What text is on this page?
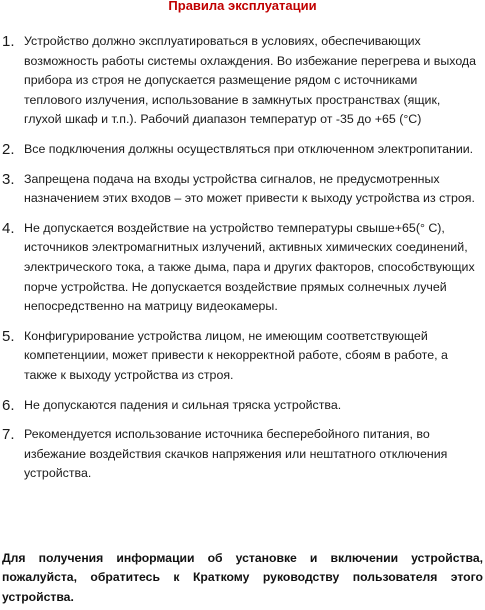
Правила эксплуатации
1. Устройство должно эксплуатироваться в условиях, обеспечивающих возможность работы системы охлаждения. Во избежание перегрева и выхода прибора из строя не допускается размещение рядом с источниками теплового излучения, использование в замкнутых пространствах (ящик, глухой шкаф и т.п.). Рабочий диапазон температур от -35 до +65 (°С)
2. Все подключения должны осуществляться при отключенном электропитании.
3. Запрещена подача на входы устройства сигналов, не предусмотренных назначением этих входов – это может привести к выходу устройства из строя.
4. Не допускается воздействие на устройство температуры свыше+65(° С), источников электромагнитных излучений, активных химических соединений, электрического тока, а также дыма, пара и других факторов, способствующих порче устройства. Не допускается воздействие прямых солнечных лучей непосредственно на матрицу видеокамеры.
5. Конфигурирование устройства лицом, не имеющим соответствующей компетенциии, может привести к некорректной работе, сбоям в работе, а также к выходу устройства из строя.
6. Не допускаются падения и сильная тряска устройства.
7. Рекомендуется использование источника бесперебойного питания, во избежание воздействия скачков напряжения или нештатного отключения устройства.
Для получения информации об установке и включении устройства, пожалуйста, обратитесь к Краткому руководству пользователя этого устройства.
